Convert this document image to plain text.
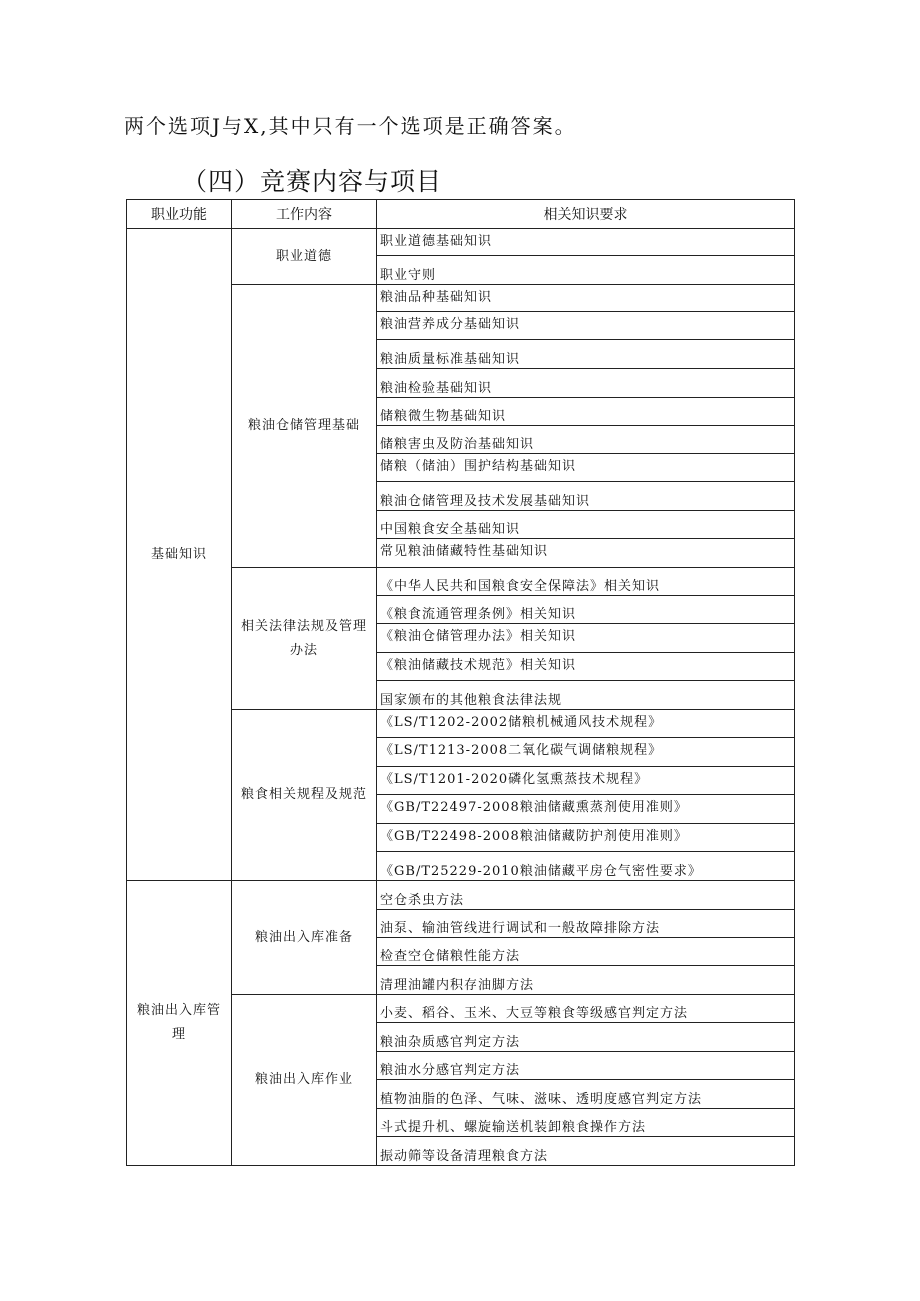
两个选项J与X,其中只有一个选项是正确答案。

（四）竞赛内容与项目
职业功能	工作内容	相关知识要求
基础知识	职业道德	职业道德基础知识
		职业守则
	粮油仓储管理基础	粮油品种基础知识
		粮油营养成分基础知识
		粮油质量标准基础知识
		粮油检验基础知识
		储粮微生物基础知识
		储粮害虫及防治基础知识
		储粮（储油）围护结构基础知识
		粮油仓储管理及技术发展基础知识
		中国粮食安全基础知识
		常见粮油储藏特性基础知识
	相关法律法规及管理办法	《中华人民共和国粮食安全保障法》相关知识
		《粮食流通管理条例》相关知识
		《粮油仓储管理办法》相关知识
		《粮油储藏技术规范》相关知识
		国家颁布的其他粮食法律法规
	粮食相关规程及规范	《LS/T1202-2002储粮机械通风技术规程》
		《LS/T1213-2008二氧化碳气调储粮规程》
		《LS/T1201-2020磷化氢熏蒸技术规程》
		《GB/T22497-2008粮油储藏熏蒸剂使用准则》
		《GB/T22498-2008粮油储藏防护剂使用准则》
		《GB/T25229-2010粮油储藏平房仓气密性要求》
粮油出入库管理	粮油出入库准备	空仓杀虫方法
		油泵、输油管线进行调试和一般故障排除方法
		检查空仓储粮性能方法
		清理油罐内积存油脚方法
	粮油出入库作业	小麦、稻谷、玉米、大豆等粮食等级感官判定方法
		粮油杂质感官判定方法
		粮油水分感官判定方法
		植物油脂的色泽、气味、滋味、透明度感官判定方法
		斗式提升机、螺旋输送机装卸粮食操作方法
		振动筛等设备清理粮食方法
